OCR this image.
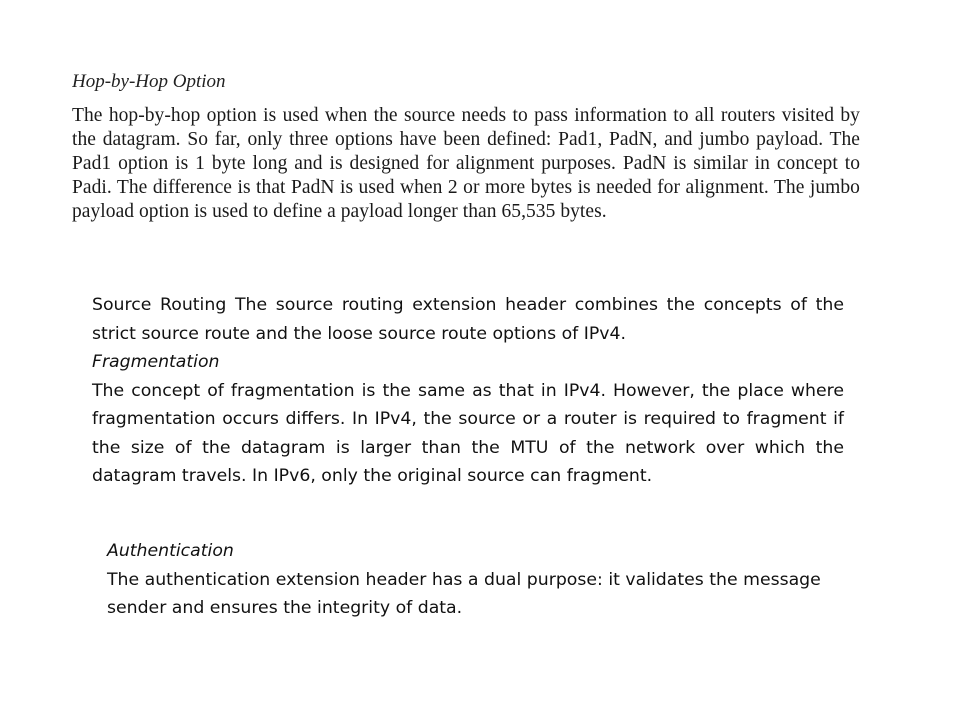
Hop-by-Hop Option

The hop-by-hop option is used when the source needs to pass information to all routers visited by the datagram. So far, only three options have been defined: Pad1, PadN, and jumbo payload. The Pad1 option is 1 byte long and is designed for alignment purposes. PadN is similar in concept to Padi. The difference is that PadN is used when 2 or more bytes is needed for alignment. The jumbo payload option is used to define a payload longer than 65,535 bytes.

Source Routing The source routing extension header combines the concepts of the strict source route and the loose source route options of IPv4.

Fragmentation

The concept of fragmentation is the same as that in IPv4. However, the place where fragmentation occurs differs. In IPv4, the source or a router is required to fragment if the size of the datagram is larger than the MTU of the network over which the datagram travels. In IPv6, only the original source can fragment.

Authentication

The authentication extension header has a dual purpose: it validates the message sender and ensures the integrity of data.
